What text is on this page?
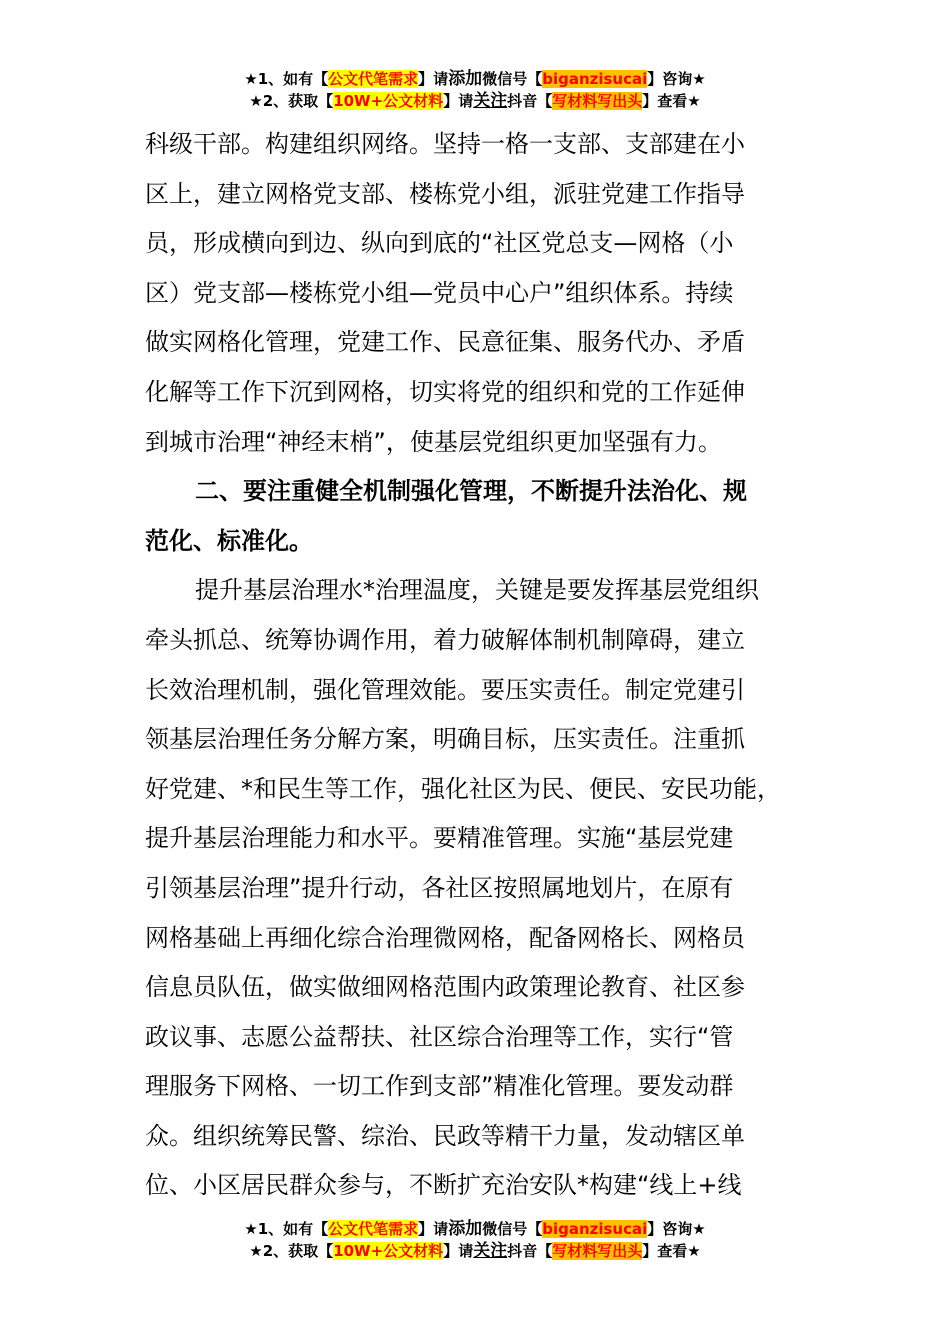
★1、如有【公文代笔需求】请添加微信号【biganzisucai】咨询★
★2、获取【10W+公文材料】请关注抖音【写材料写出头】查看★
科级干部。构建组织网络。坚持一格一支部、支部建在小
区上，建立网格党支部、楼栋党小组，派驻党建工作指导
员，形成横向到边、纵向到底的“社区党总支—网格（小
区）党支部—楼栋党小组—党员中心户”组织体系。持续
做实网格化管理，党建工作、民意征集、服务代办、矛盾
化解等工作下沉到网格，切实将党的组织和党的工作延伸
到城市治理“神经末梢”，使基层党组织更加坚强有力。
二、要注重健全机制强化管理，不断提升法治化、规
范化、标准化。
提升基层治理水*治理温度，关键是要发挥基层党组织
牵头抓总、统筹协调作用，着力破解体制机制障碍，建立
长效治理机制，强化管理效能。要压实责任。制定党建引
领基层治理任务分解方案，明确目标，压实责任。注重抓
好党建、*和民生等工作，强化社区为民、便民、安民功能，
提升基层治理能力和水平。要精准管理。实施“基层党建
引领基层治理”提升行动，各社区按照属地划片，在原有
网格基础上再细化综合治理微网格，配备网格长、网格员
信息员队伍，做实做细网格范围内政策理论教育、社区参
政议事、志愿公益帮扶、社区综合治理等工作，实行“管
理服务下网格、一切工作到支部”精准化管理。要发动群
众。组织统筹民警、综治、民政等精干力量，发动辖区单
位、小区居民群众参与，不断扩充治安队*构建“线上+线
★1、如有【公文代笔需求】请添加微信号【biganzisucai】咨询★
★2、获取【10W+公文材料】请关注抖音【写材料写出头】查看★
